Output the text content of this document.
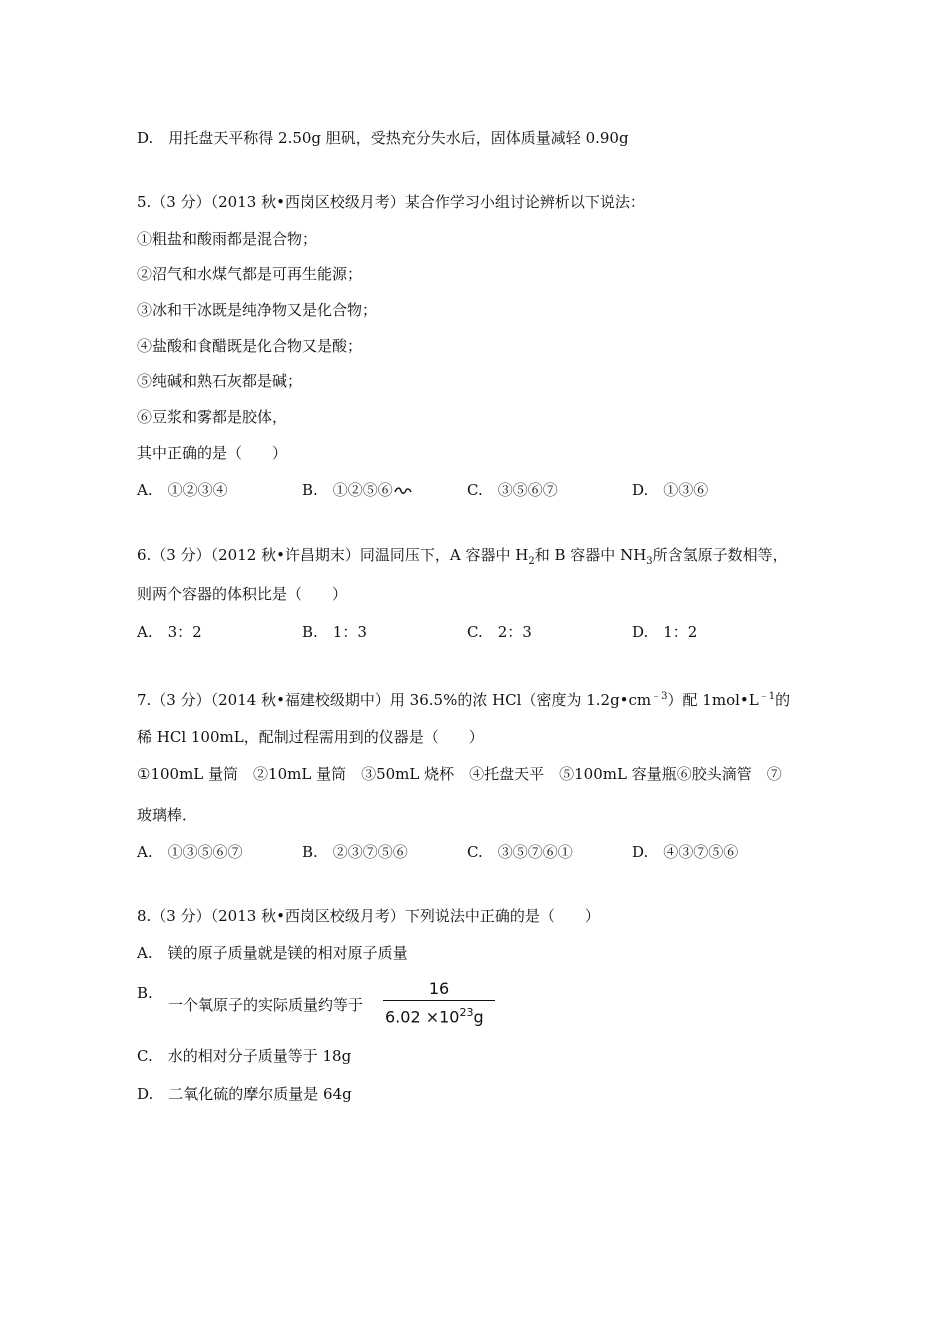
D.　用托盘天平称得 2.50g 胆矾，受热充分失水后，固体质量减轻 0.90g
5.（3 分）（2013 秋•西岗区校级月考）某合作学习小组讨论辨析以下说法：
①粗盐和酸雨都是混合物；
②沼气和水煤气都是可再生能源；
③冰和干冰既是纯净物又是化合物；
④盐酸和食醋既是化合物又是酸；
⑤纯碱和熟石灰都是碱；
⑥豆浆和雾都是胶体，
其中正确的是（　　）
A.　①②③④	B.　①②⑤⑥	C.　③⑤⑥⑦	D.　①③⑥
6.（3 分）（2012 秋•许昌期末）同温同压下，A 容器中 $H_2$和 B 容器中 $NH_3$所含氢原子数相等，
则两个容器的体积比是（　　）
A.　3：2	B.　1：3	C.　2：3	D.　1：2
7.（3 分）（2014 秋•福建校级期中）用 36.5%的浓 HCl（密度为 $1.2g•cm^{﹣3}$）配 $1mol•L^{﹣1}$的
稀 HCl 100mL，配制过程需用到的仪器是（　　）
①100mL 量筒　②10mL 量筒　③50mL 烧杯　④托盘天平　⑤100mL 容量瓶⑥胶头滴管　⑦
玻璃棒．
A.　①③⑤⑥⑦	B.　②③⑦⑤⑥	C.　③⑤⑦⑥①	D.　④③⑦⑤⑥
8.（3 分）（2013 秋•西岗区校级月考）下列说法中正确的是（　　）
A.　镁的原子质量就是镁的相对原子质量
B.
一个氧原子的实际质量约等于
16
$6.02 \times 10^{23}g$
C.　水的相对分子质量等于 18g
D.　二氧化硫的摩尔质量是 64g
